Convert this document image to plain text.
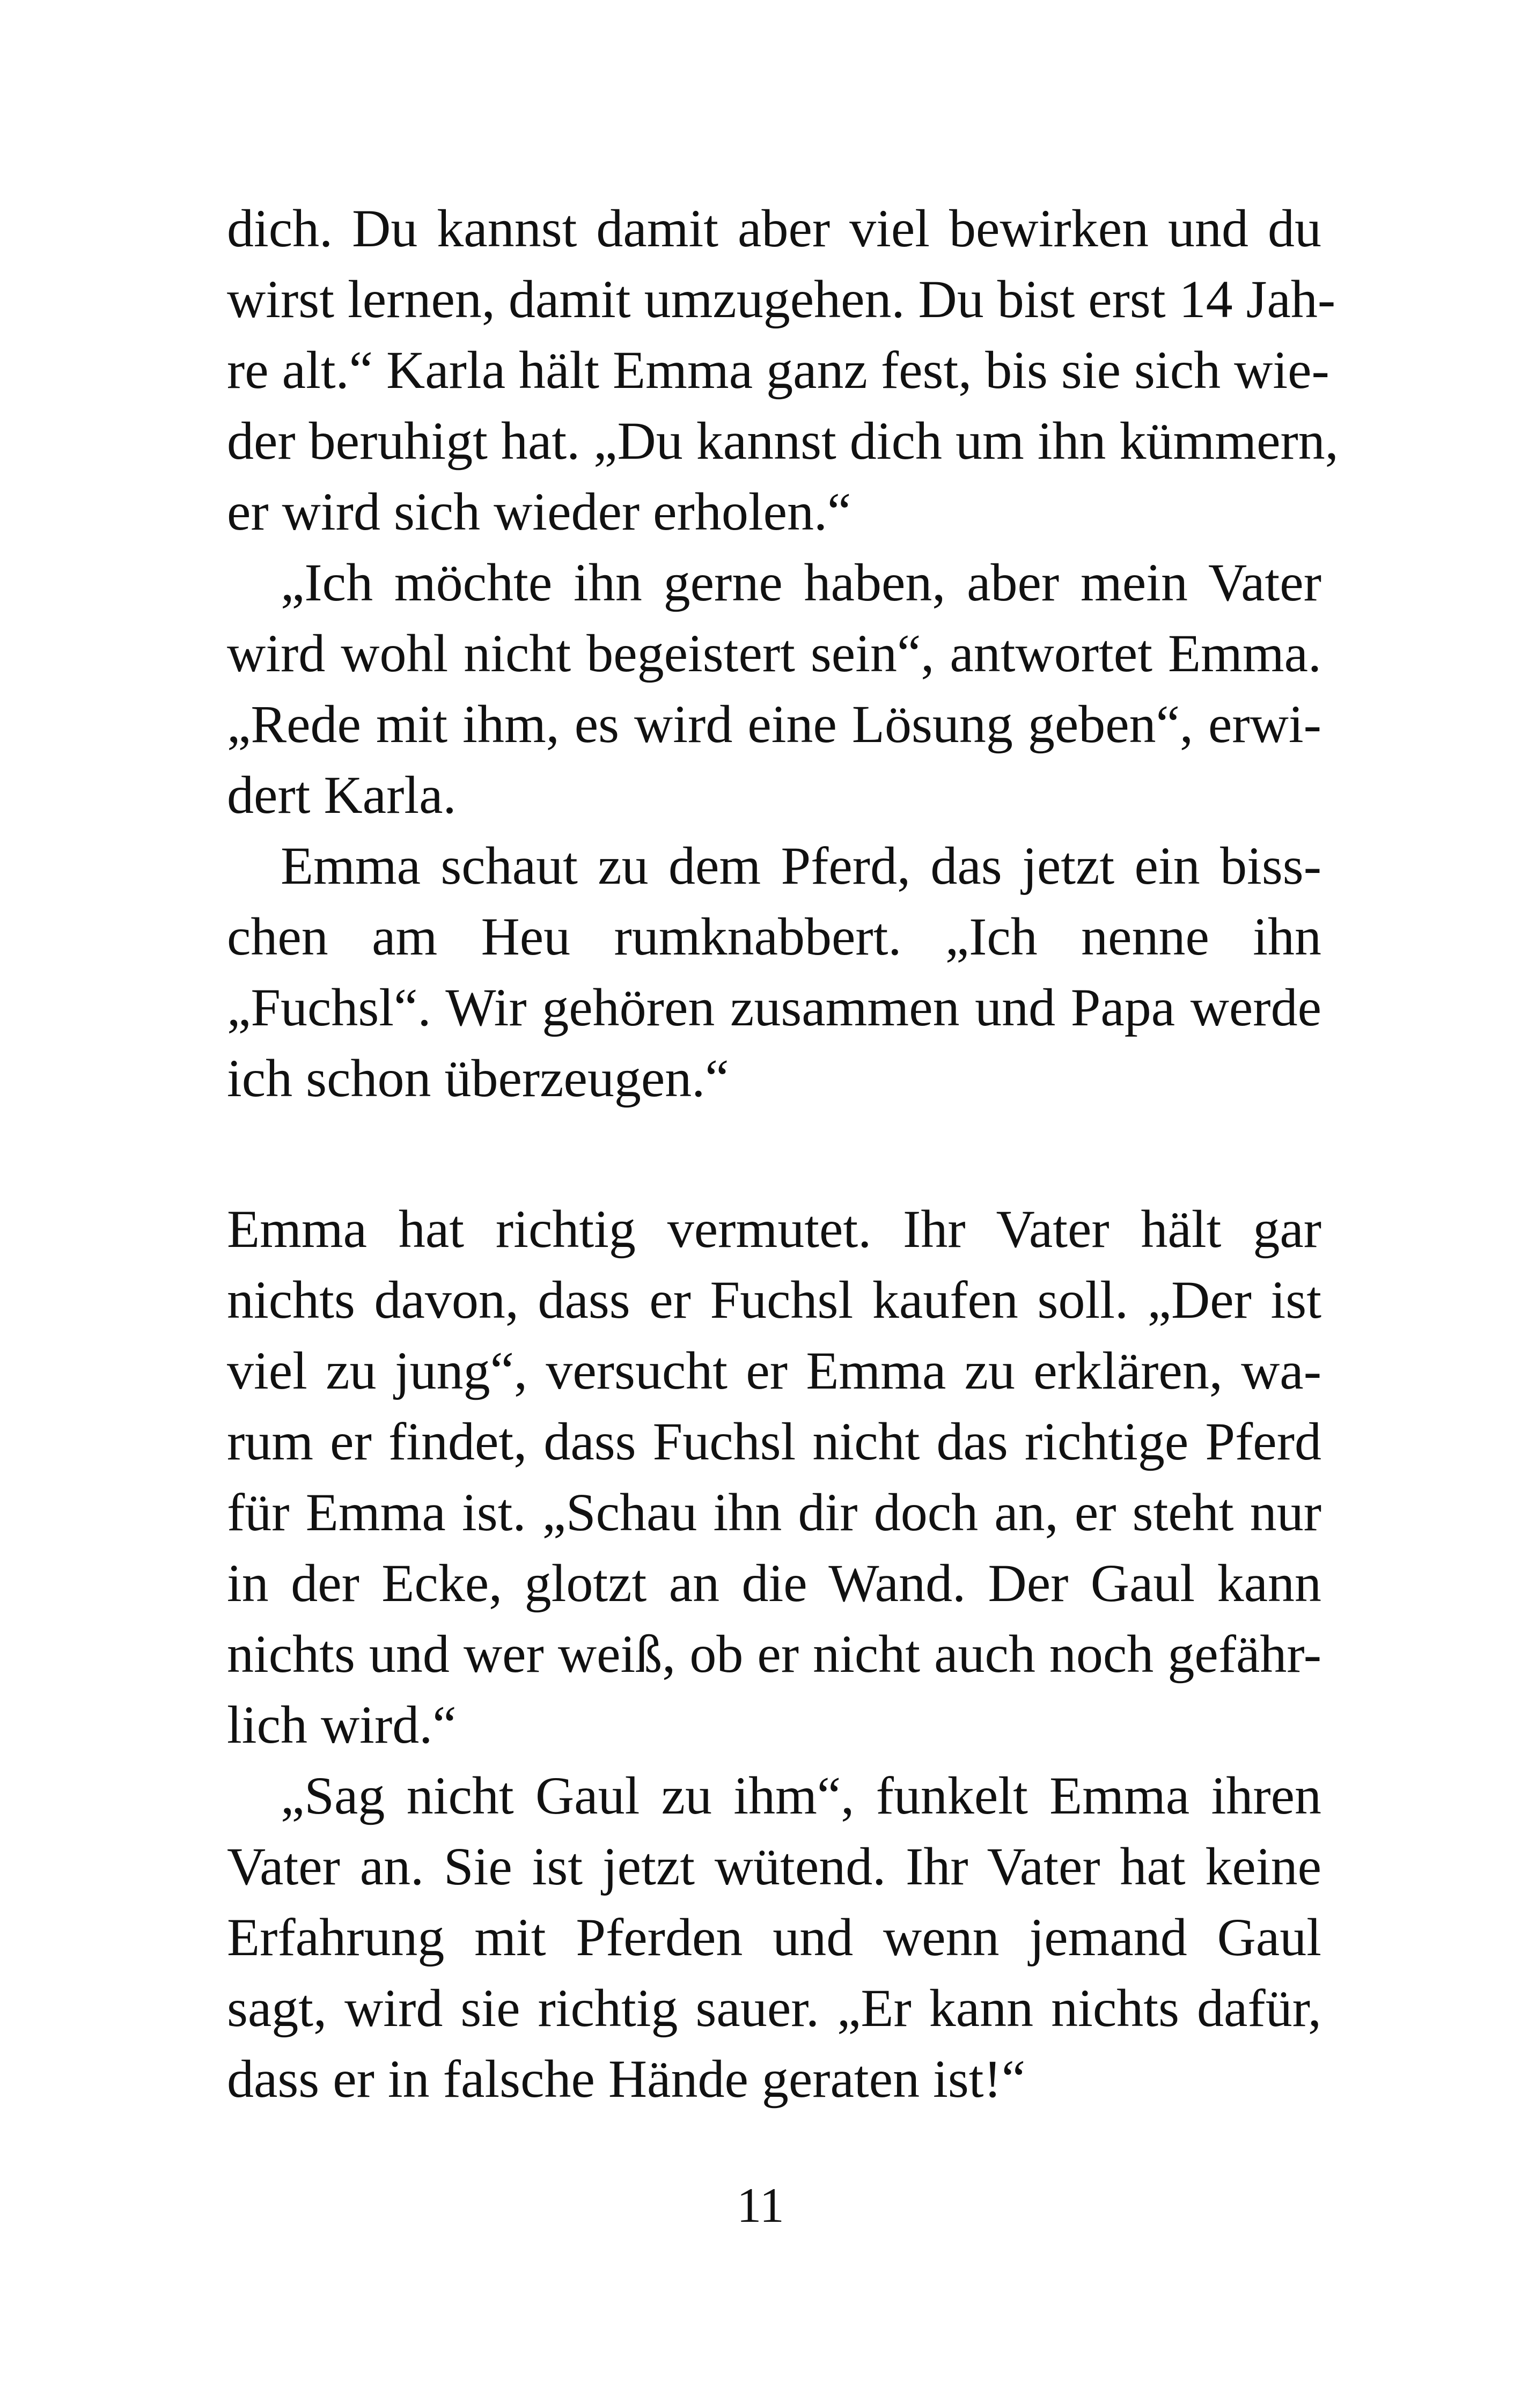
dich. Du kannst damit aber viel bewirken und du
wirst lernen, damit umzugehen. Du bist erst 14 Jah-
re alt.“ Karla hält Emma ganz fest, bis sie sich wie-
der beruhigt hat. „Du kannst dich um ihn kümmern,
er wird sich wieder erholen.“
„Ich möchte ihn gerne haben, aber mein Vater
wird wohl nicht begeistert sein“, antwortet Emma.
„Rede mit ihm, es wird eine Lösung geben“, erwi-
dert Karla.
Emma schaut zu dem Pferd, das jetzt ein biss-
chen am Heu rumknabbert. „Ich nenne ihn
„Fuchsl“. Wir gehören zusammen und Papa werde
ich schon überzeugen.“
Emma hat richtig vermutet. Ihr Vater hält gar
nichts davon, dass er Fuchsl kaufen soll. „Der ist
viel zu jung“, versucht er Emma zu erklären, wa-
rum er findet, dass Fuchsl nicht das richtige Pferd
für Emma ist. „Schau ihn dir doch an, er steht nur
in der Ecke, glotzt an die Wand. Der Gaul kann
nichts und wer weiß, ob er nicht auch noch gefähr-
lich wird.“
„Sag nicht Gaul zu ihm“, funkelt Emma ihren
Vater an. Sie ist jetzt wütend. Ihr Vater hat keine
Erfahrung mit Pferden und wenn jemand Gaul
sagt, wird sie richtig sauer. „Er kann nichts dafür,
dass er in falsche Hände geraten ist!“
11
